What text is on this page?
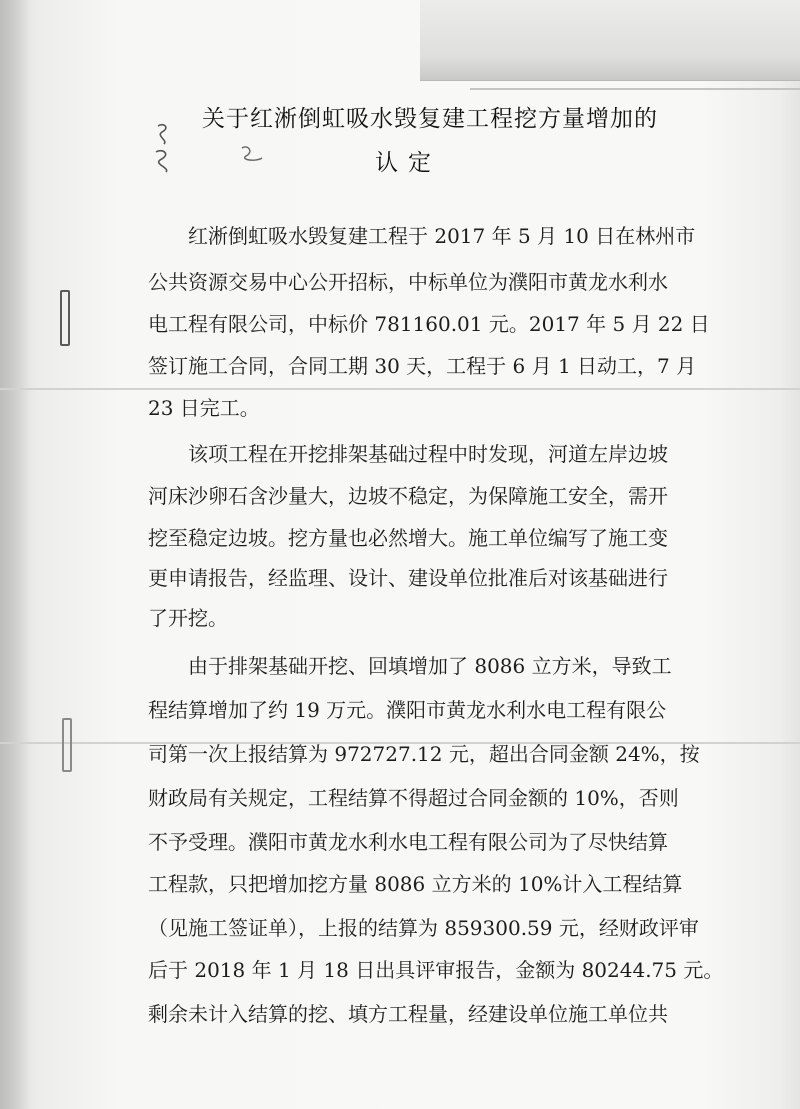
关于红淅倒虹吸水毁复建工程挖方量增加的
认定
红淅倒虹吸水毁复建工程于 2017 年 5 月 10 日在林州市
公共资源交易中心公开招标，中标单位为濮阳市黄龙水利水
电工程有限公司，中标价 781160.01 元。2017 年 5 月 22 日
签订施工合同，合同工期 30 天，工程于 6 月 1 日动工，7 月
23 日完工。
该项工程在开挖排架基础过程中时发现，河道左岸边坡
河床沙卵石含沙量大，边坡不稳定，为保障施工安全，需开
挖至稳定边坡。挖方量也必然增大。施工单位编写了施工变
更申请报告，经监理、设计、建设单位批准后对该基础进行
了开挖。
由于排架基础开挖、回填增加了 8086 立方米，导致工
程结算增加了约 19 万元。濮阳市黄龙水利水电工程有限公
司第一次上报结算为 972727.12 元，超出合同金额 24%，按
财政局有关规定，工程结算不得超过合同金额的 10%，否则
不予受理。濮阳市黄龙水利水电工程有限公司为了尽快结算
工程款，只把增加挖方量 8086 立方米的 10%计入工程结算
（见施工签证单），上报的结算为 859300.59 元，经财政评审
后于 2018 年 1 月 18 日出具评审报告，金额为 80244.75 元。
剩余未计入结算的挖、填方工程量，经建设单位施工单位共
